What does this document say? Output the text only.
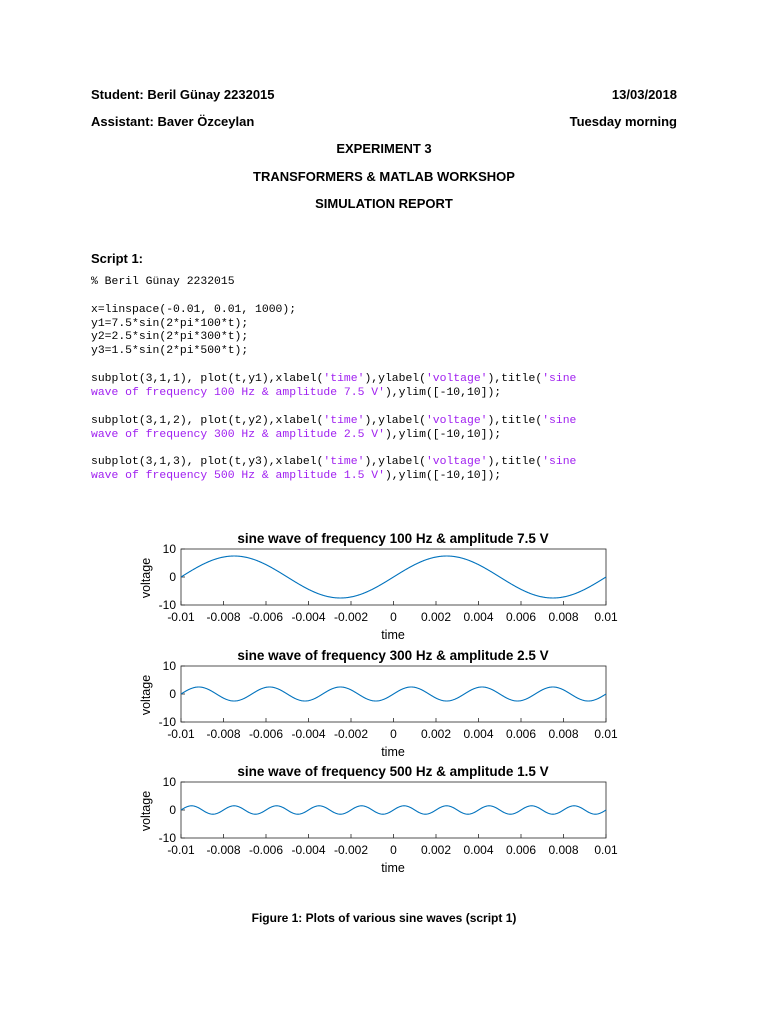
Student: Beril Günay 2232015	13/03/2018
Assistant: Baver Özceylan	Tuesday morning
EXPERIMENT 3
TRANSFORMERS & MATLAB WORKSHOP
SIMULATION REPORT
Script 1:
% Beril Günay 2232015
x=linspace(-0.01, 0.01, 1000);
y1=7.5*sin(2*pi*100*t);
y2=2.5*sin(2*pi*300*t);
y3=1.5*sin(2*pi*500*t);
subplot(3,1,1), plot(t,y1),xlabel('time'),ylabel('voltage'),title('sine
wave of frequency 100 Hz & amplitude 7.5 V'),ylim([-10,10]);
subplot(3,1,2), plot(t,y2),xlabel('time'),ylabel('voltage'),title('sine
wave of frequency 300 Hz & amplitude 2.5 V'),ylim([-10,10]);
subplot(3,1,3), plot(t,y3),xlabel('time'),ylabel('voltage'),title('sine
wave of frequency 500 Hz & amplitude 1.5 V'),ylim([-10,10]);
sine wave of frequency 100 Hz & amplitude 7.5 V
voltage
time
-0.01 -0.008 -0.006 -0.004 -0.002 0 0.002 0.004 0.006 0.008 0.01
-10
0
10
sine wave of frequency 300 Hz & amplitude 2.5 V
voltage
time
-0.01 -0.008 -0.006 -0.004 -0.002 0 0.002 0.004 0.006 0.008 0.01
-10
0
10
sine wave of frequency 500 Hz & amplitude 1.5 V
voltage
time
-0.01 -0.008 -0.006 -0.004 -0.002 0 0.002 0.004 0.006 0.008 0.01
-10
0
10
Figure 1: Plots of various sine waves (script 1)
